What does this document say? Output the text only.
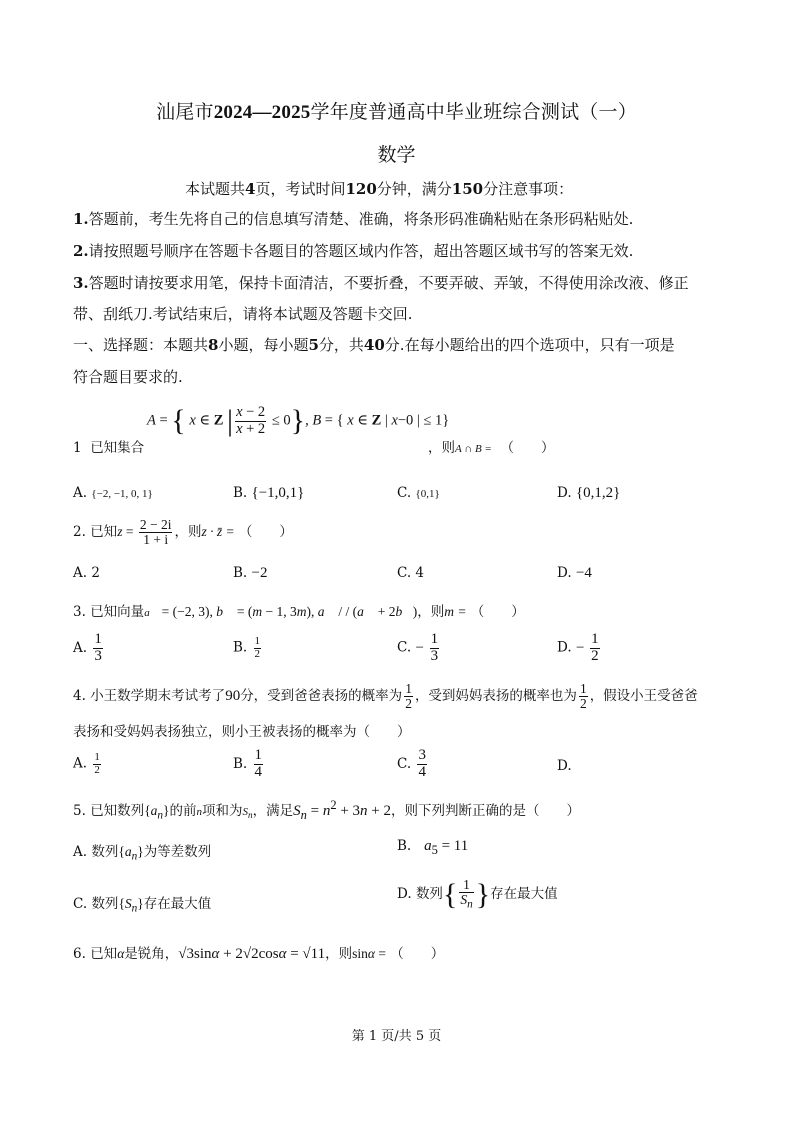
汕尾市2024—2025学年度普通高中毕业班综合测试（一）
数学
本试题共4页，考试时间120分钟，满分150分注意事项：
1.答题前，考生先将自己的信息填写清楚、准确，将条形码准确粘贴在条形码粘贴处.
2.请按照题号顺序在答题卡各题目的答题区域内作答，超出答题区域书写的答案无效.
3.答题时请按要求用笔，保持卡面清洁，不要折叠，不要弄破、弄皱，不得使用涂改液、修正
带、刮纸刀.考试结束后，请将本试题及答题卡交回.
一、选择题：本题共8小题，每小题5分，共40分.在每小题给出的四个选项中，只有一项是
符合题目要求的.
A = { x ∈ Z | $\frac{x - 2}{x + 2} \le 0$}, B = { x ∈ Z | x−0 | ≤ 1}
1 已知集合	，则A ∩ B = （　　）
A. {−2, −1, 0, 1}	B. {−1,0,1}	C. {0,1}	D. {0,1,2}
2. 已知$z = \frac{2 - 2i}{1 + i}$ ，则z · z̄ = （　　）
A. 2	B. −2	C. 4	D. −4
3. 已知向量a⃗ = (−2, 3), b⃗ = (m − 1, 3m), a⃗ / / (a⃗ + 2b⃗)，则m = （　　）
A. $\frac{1}{3}$	B. $\frac{1}{2}$	C. − $\frac{1}{3}$	D. − $\frac{1}{2}$
4. 小王数学期末考试考了90分，受到爸爸表扬的概率为 $\frac{1}{2}$ ，受到妈妈表扬的概率也为 $\frac{1}{2}$ ，假设小王受爸爸
表扬和受妈妈表扬独立，则小王被表扬的概率为（　　）
A. $\frac{1}{2}$	B. $\frac{1}{4}$	C. $\frac{3}{4}$	D.
5. 已知数列$\{a_n\}$的前n项和为$S_n$，满足$S_n = n^2 + 3n + 2$，则下列判断正确的是（　　）
A. 数列$\{a_n\}$为等差数列	B. $a_5 = 11$
C. 数列$\{S_n\}$存在最大值
D. 数列{ $\frac{1}{S_n}$ }存在最大值
6. 已知α是锐角，√3sinα + 2√2cosα = √11，则sinα = （　　）
第 1 页/共 5 页
